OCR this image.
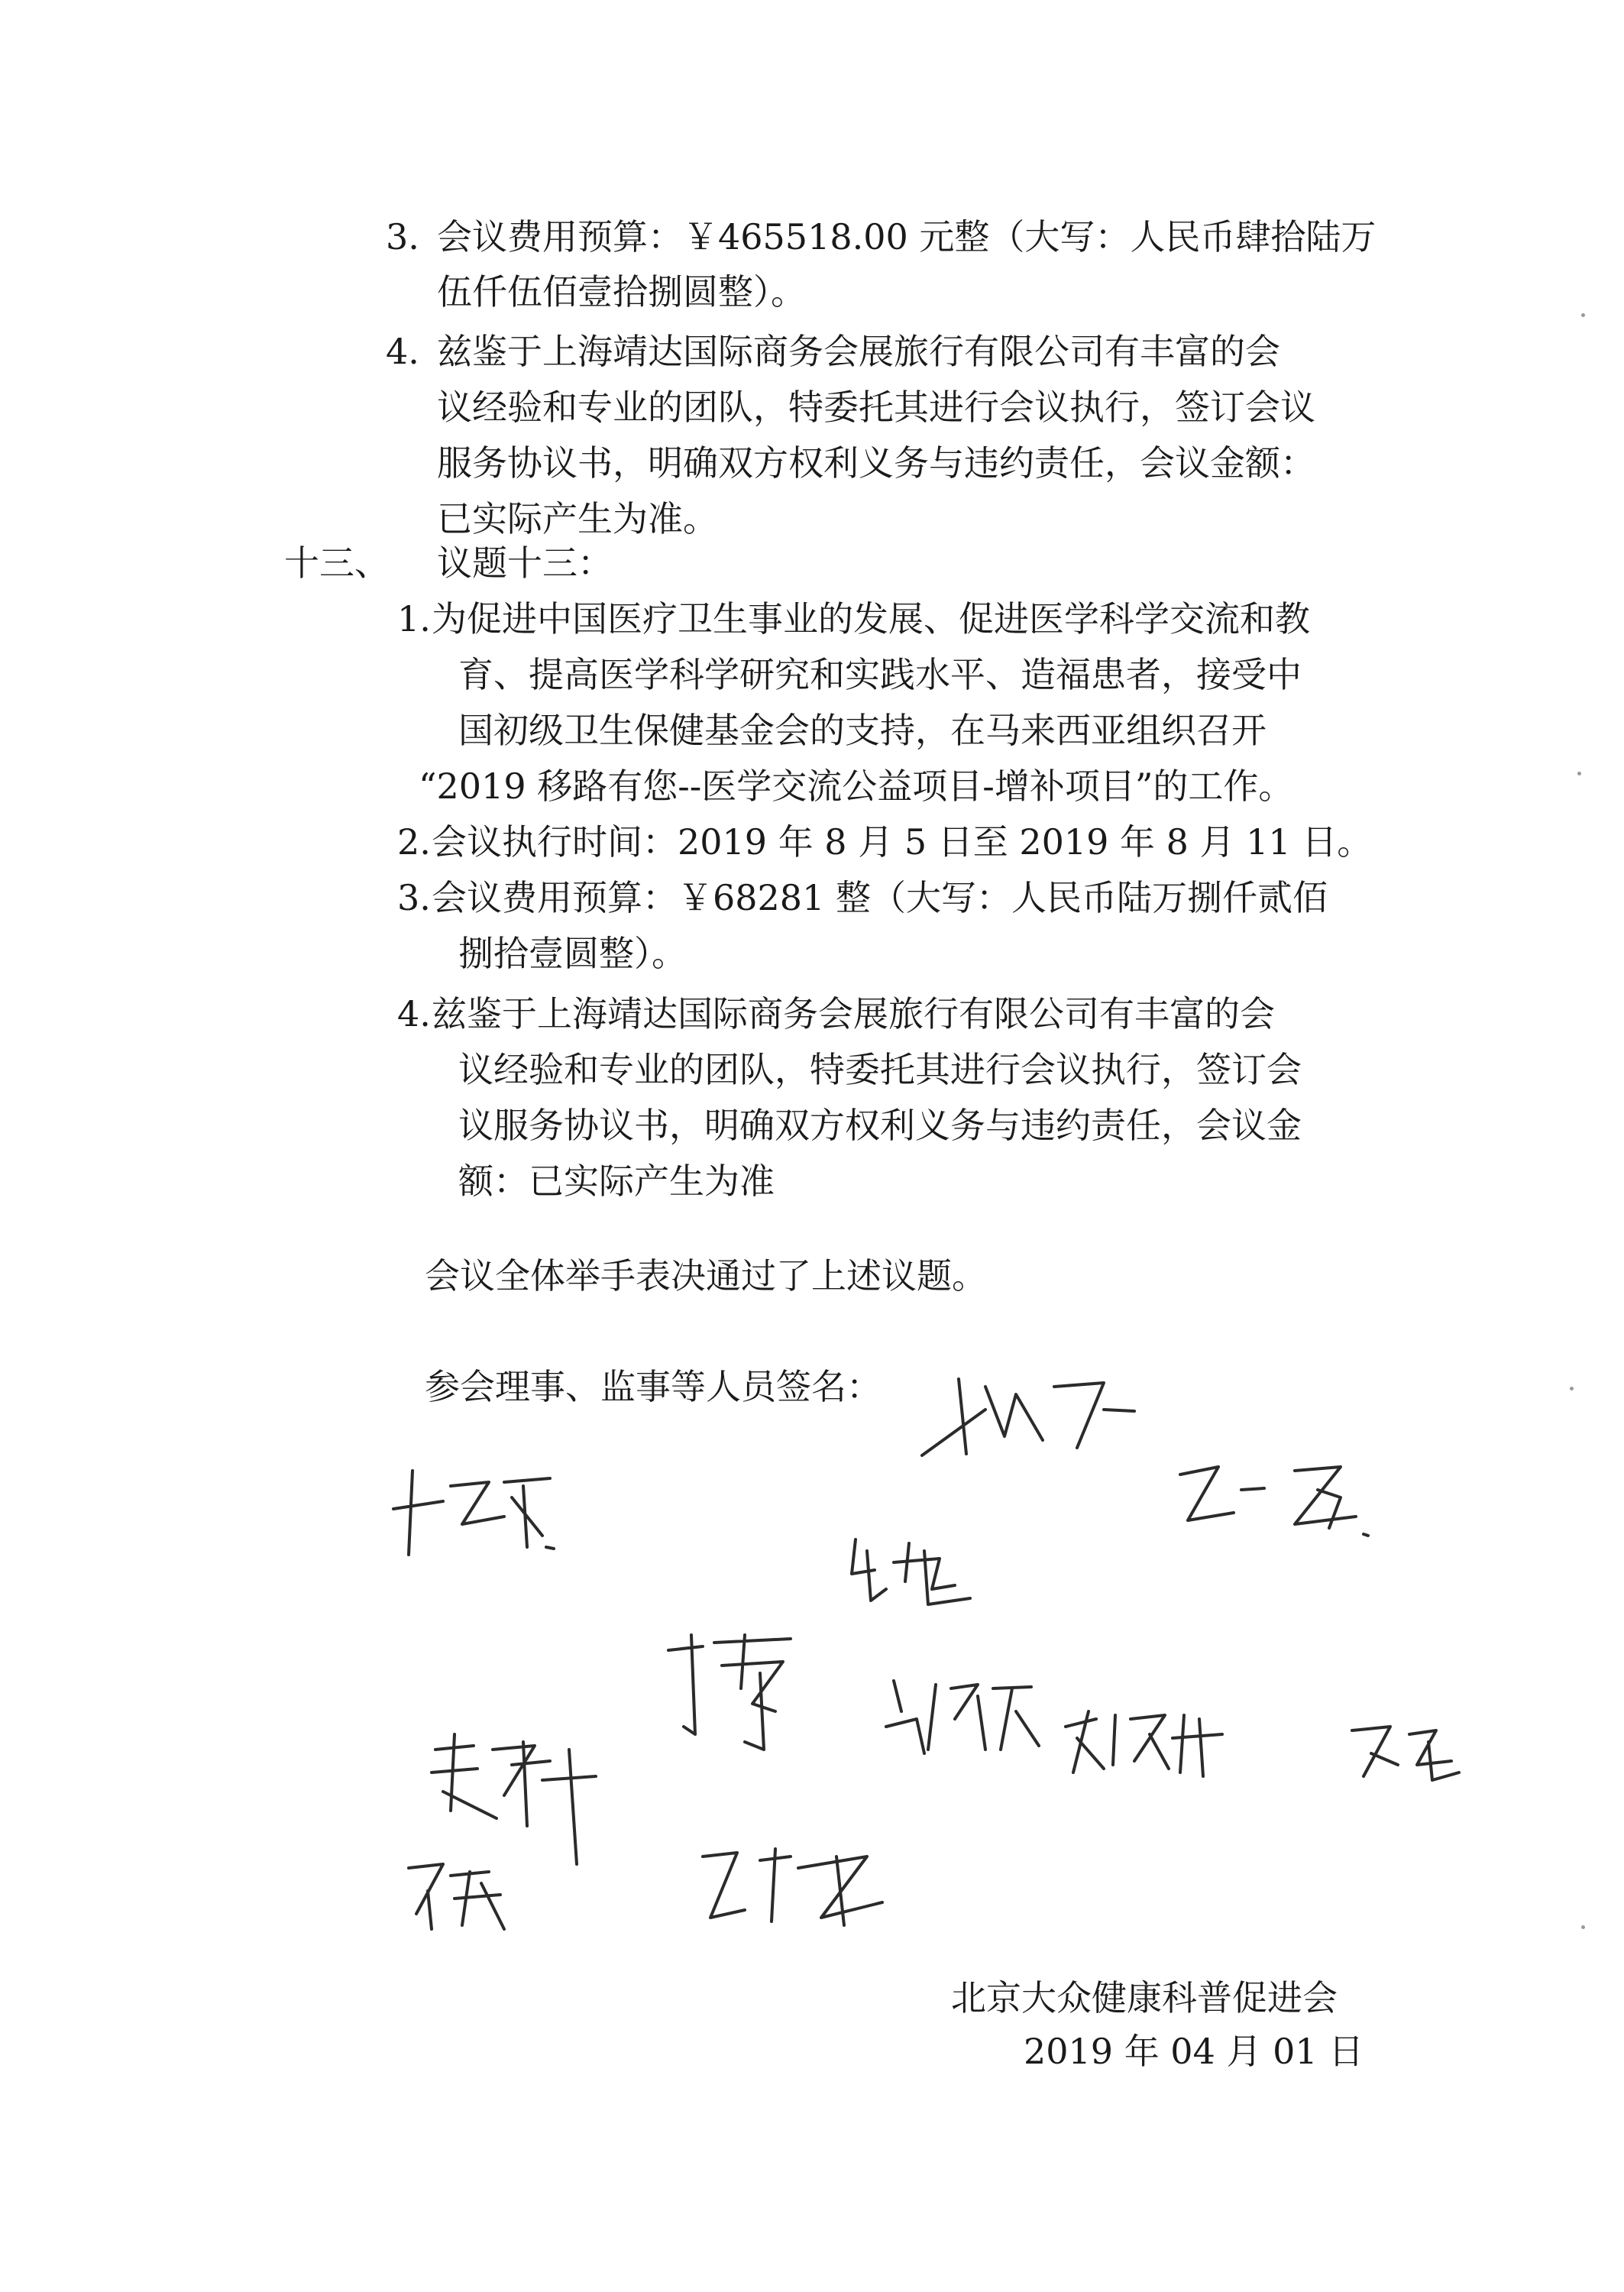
3. 会议费用预算：￥465518.00 元整（大写：人民币肆拾陆万
伍仟伍佰壹拾捌圆整）。
4. 兹鉴于上海靖达国际商务会展旅行有限公司有丰富的会
议经验和专业的团队，特委托其进行会议执行，签订会议
服务协议书，明确双方权利义务与违约责任，会议金额：
已实际产生为准。
十三、 议题十三：
1. 为促进中国医疗卫生事业的发展、促进医学科学交流和教
育、提高医学科学研究和实践水平、造福患者，接受中
国初级卫生保健基金会的支持，在马来西亚组织召开
“2019 移路有您--医学交流公益项目-增补项目”的工作。
2. 会议执行时间：2019 年 8 月 5 日至 2019 年 8 月 11 日。
3. 会议费用预算：￥68281 整（大写：人民币陆万捌仟贰佰
捌拾壹圆整）。
4. 兹鉴于上海靖达国际商务会展旅行有限公司有丰富的会
议经验和专业的团队，特委托其进行会议执行，签订会
议服务协议书，明确双方权利义务与违约责任，会议金
额：已实际产生为准
会议全体举手表决通过了上述议题。
参会理事、监事等人员签名：
北京大众健康科普促进会
2019 年 04 月 01 日
